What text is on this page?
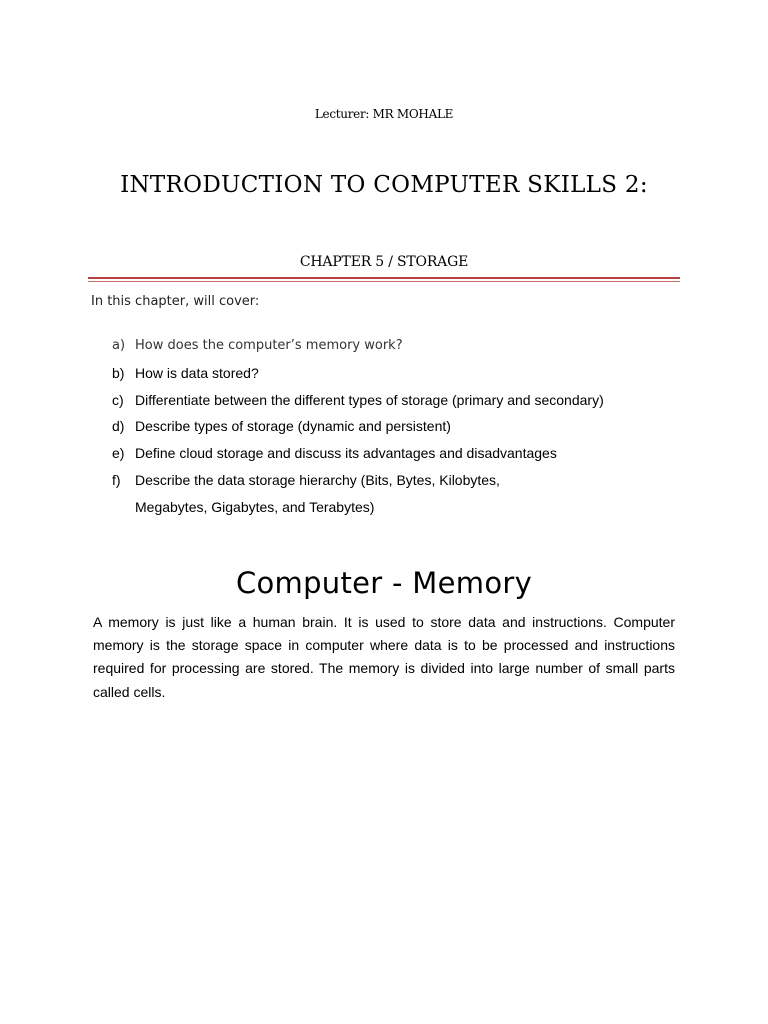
Lecturer: MR MOHALE
INTRODUCTION TO COMPUTER SKILLS 2:
CHAPTER 5 / STORAGE
In this chapter, will cover:
a) How does the computer’s memory work?
b) How is data stored?
c) Differentiate between the different types of storage (primary and secondary)
d) Describe types of storage (dynamic and persistent)
e) Define cloud storage and discuss its advantages and disadvantages
f)	Describe the data storage hierarchy (Bits, Bytes, Kilobytes, Megabytes, Gigabytes, and Terabytes)
Computer - Memory

A memory is just like a human brain. It is used to store data and instructions. Computer memory is the storage space in computer where data is to be processed and instructions required for processing are stored. The memory is divided into large number of small parts called cells.
